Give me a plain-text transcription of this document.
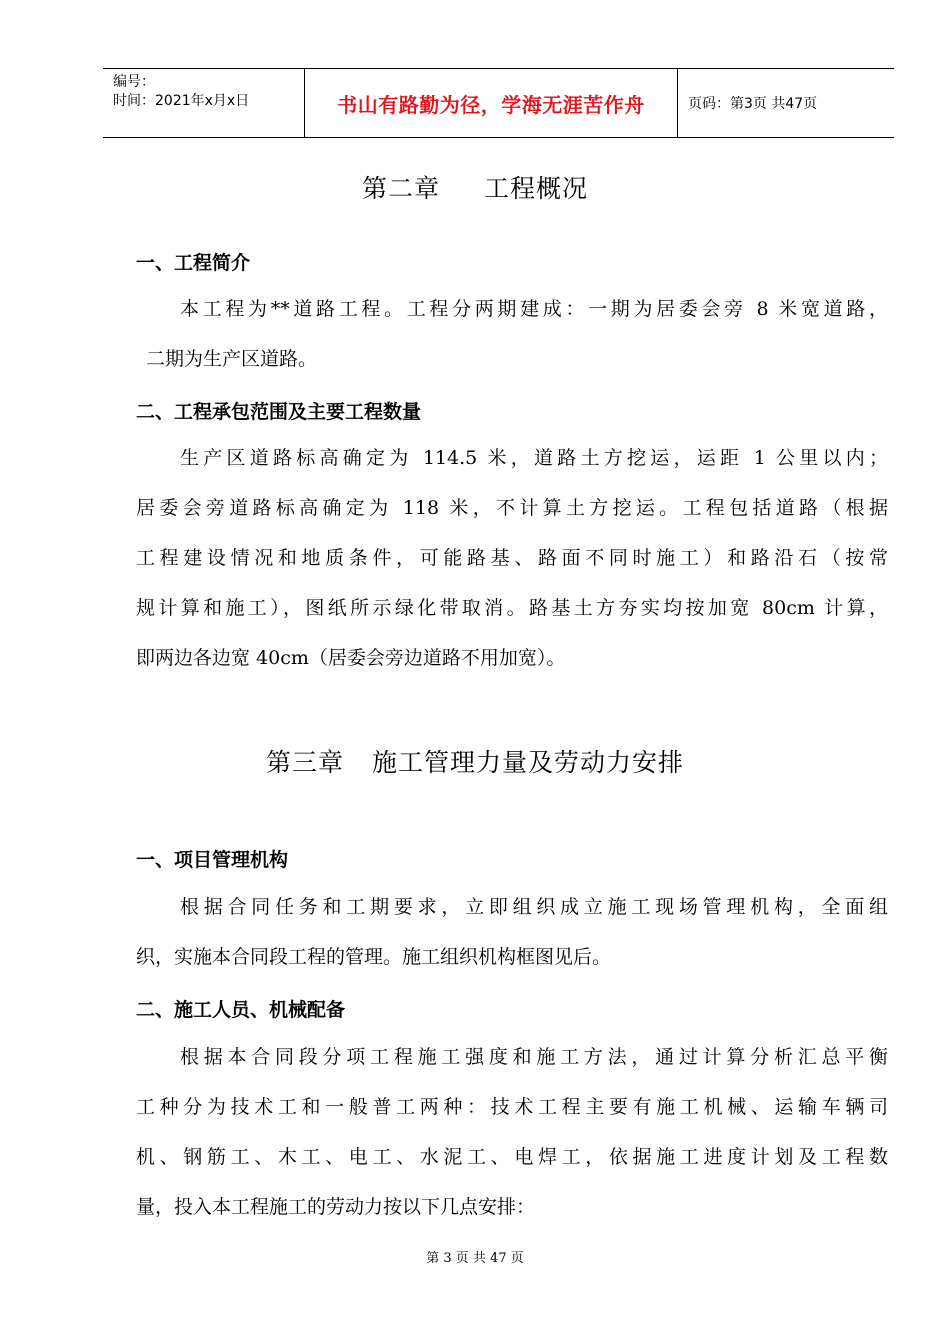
编号：
时间：2021年x月x日	书山有路勤为径，学海无涯苦作舟	页码：第3页 共47页
第二章 工程概况
一、工程简介
本工程为**道路工程。工程分两期建成：一期为居委会旁 8 米宽道路，
二期为生产区道路。
二、工程承包范围及主要工程数量
生产区道路标高确定为 114.5 米，道路土方挖运，运距 1 公里以内；
居委会旁道路标高确定为 118 米，不计算土方挖运。工程包括道路（根据
工程建设情况和地质条件，可能路基、路面不同时施工）和路沿石（按常
规计算和施工），图纸所示绿化带取消。路基土方夯实均按加宽 80cm 计算，
即两边各边宽 40cm（居委会旁边道路不用加宽）。
第三章 施工管理力量及劳动力安排
一、项目管理机构
根据合同任务和工期要求，立即组织成立施工现场管理机构，全面组
织，实施本合同段工程的管理。施工组织机构框图见后。
二、施工人员、机械配备
根据本合同段分项工程施工强度和施工方法，通过计算分析汇总平衡
工种分为技术工和一般普工两种：技术工程主要有施工机械、运输车辆司
机、钢筋工、木工、电工、水泥工、电焊工，依据施工进度计划及工程数
量，投入本工程施工的劳动力按以下几点安排：
第 3 页 共 47 页
